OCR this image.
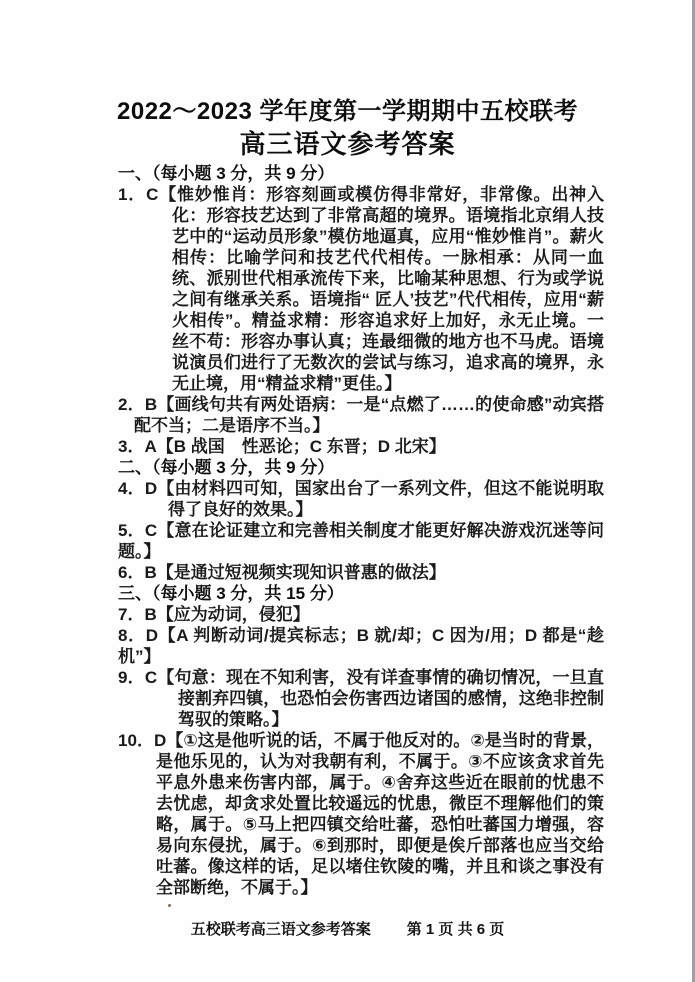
2022～2023 学年度第一学期期中五校联考
高三语文参考答案
一、（每小题 3 分，共 9 分）
1．C【惟妙惟肖：形容刻画或模仿得非常好，非常像。出神入化：形容技艺达到了非常高超的境界。语境指北京绢人技艺中的“运动员形象”模仿地逼真，应用“惟妙惟肖”。薪火相传：比喻学问和技艺代代相传。一脉相承：从同一血统、派别世代相承流传下来，比喻某种思想、行为或学说之间有继承关系。语境指“ 匠人’技艺”代代相传，应用“薪火相传”。精益求精：形容追求好上加好，永无止境。一丝不苟：形容办事认真；连最细微的地方也不马虎。语境说演员们进行了无数次的尝试与练习，追求高的境界，永无止境，用“精益求精”更佳。】
2．B【画线句共有两处语病：一是“点燃了……的使命感”动宾搭配不当；二是语序不当。】
3．A【B 战国　性恶论；C 东晋；D 北宋】
二、（每小题 3 分，共 9 分）
4．D【由材料四可知，国家出台了一系列文件，但这不能说明取得了良好的效果。】
5．C【意在论证建立和完善相关制度才能更好解决游戏沉迷等问题。】
6．B【是通过短视频实现知识普惠的做法】
三、（每小题 3 分，共 15 分）
7．B【应为动词，侵犯】
8．D【A 判断动词/提宾标志；B 就/却；C 因为/用；D 都是“趁机”】
9．C【句意：现在不知利害，没有详查事情的确切情况，一旦直接割弃四镇，也恐怕会伤害西边诸国的感情，这绝非控制驾驭的策略。】
10．D【①这是他听说的话，不属于他反对的。②是当时的背景，是他乐见的，认为对我朝有利，不属于。③不应该贪求首先平息外患来伤害内部，属于。④舍弃这些近在眼前的忧患不去忧虑，却贪求处置比较遥远的忧患，微臣不理解他们的策略，属于。⑤马上把四镇交给吐蕃，恐怕吐蕃国力增强，容易向东侵扰，属于。⑥到那时，即便是俟斤部落也应当交给吐蕃。像这样的话，足以堵住钦陵的嘴，并且和谈之事没有全部断绝，不属于。】
五校联考高三语文参考答案 第 1 页 共 6 页
